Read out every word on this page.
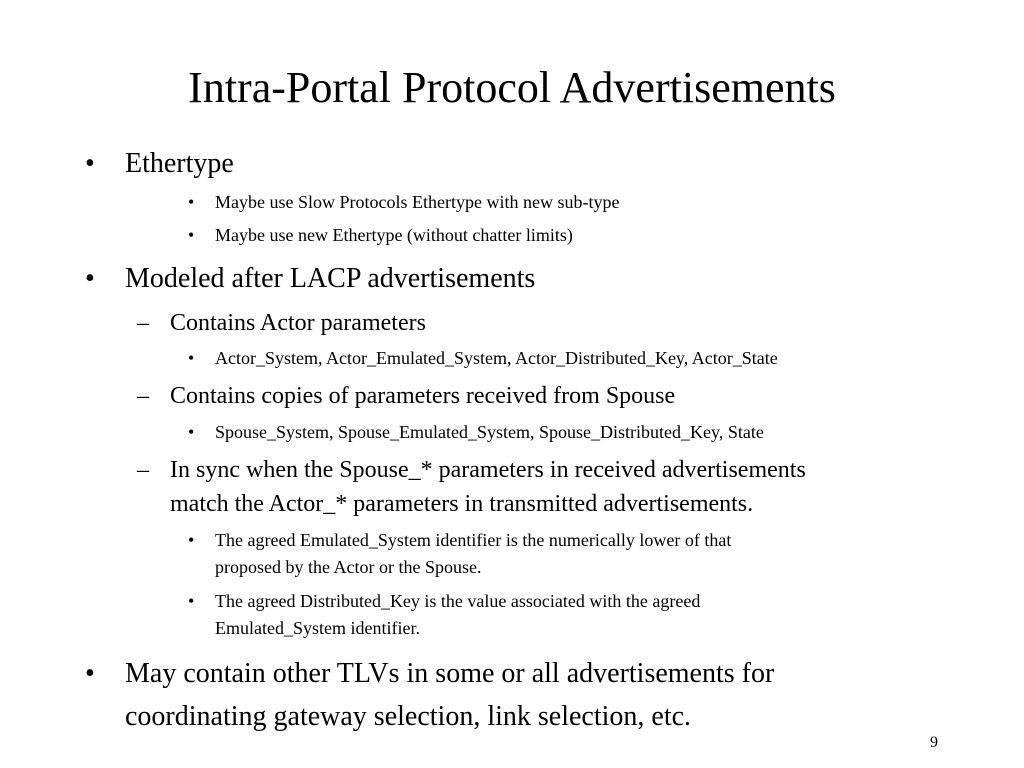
Intra-Portal Protocol Advertisements
• Ethertype
• Maybe use Slow Protocols Ethertype with new sub-type
• Maybe use new Ethertype (without chatter limits)
• Modeled after LACP advertisements
– Contains Actor parameters
• Actor_System, Actor_Emulated_System, Actor_Distributed_Key, Actor_State
– Contains copies of parameters received from Spouse
• Spouse_System, Spouse_Emulated_System, Spouse_Distributed_Key, State
– In sync when the Spouse_* parameters in received advertisements
match the Actor_* parameters in transmitted advertisements.
• The agreed Emulated_System identifier is the numerically lower of that
proposed by the Actor or the Spouse.
• The agreed Distributed_Key is the value associated with the agreed
Emulated_System identifier.
• May contain other TLVs in some or all advertisements for
coordinating gateway selection, link selection, etc.
9
